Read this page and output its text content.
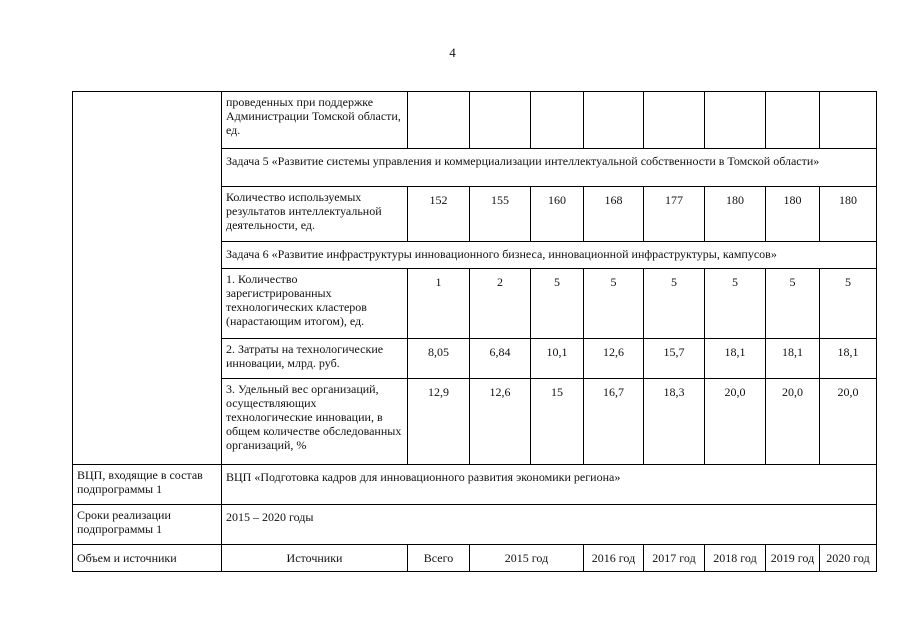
4
	проведенных при поддержке Администрации Томской области, ед.								
	Задача 5 «Развитие системы управления и коммерциализации интеллектуальной собственности в Томской области»								
	Количество используемых результатов интеллектуальной деятельности, ед.	152	155	160	168	177	180	180	180
	Задача 6 «Развитие инфраструктуры инновационного бизнеса, инновационной инфраструктуры, кампусов»								
	1. Количество зарегистрированных технологических кластеров (нарастающим итогом), ед.	1	2	5	5	5	5	5	5
	2. Затраты на технологические инновации, млрд. руб.	8,05	6,84	10,1	12,6	15,7	18,1	18,1	18,1
	3. Удельный вес организаций, осуществляющих технологические инновации, в общем количестве обследованных организаций, %	12,9	12,6	15	16,7	18,3	20,0	20,0	20,0
ВЦП, входящие в состав подпрограммы 1	ВЦП «Подготовка кадров для инновационного развития экономики региона»								
Сроки реализации подпрограммы 1	2015 – 2020 годы								
Объем и источники	Источники	Всего	2015 год		2016 год	2017 год	2018 год	2019 год	2020 год
